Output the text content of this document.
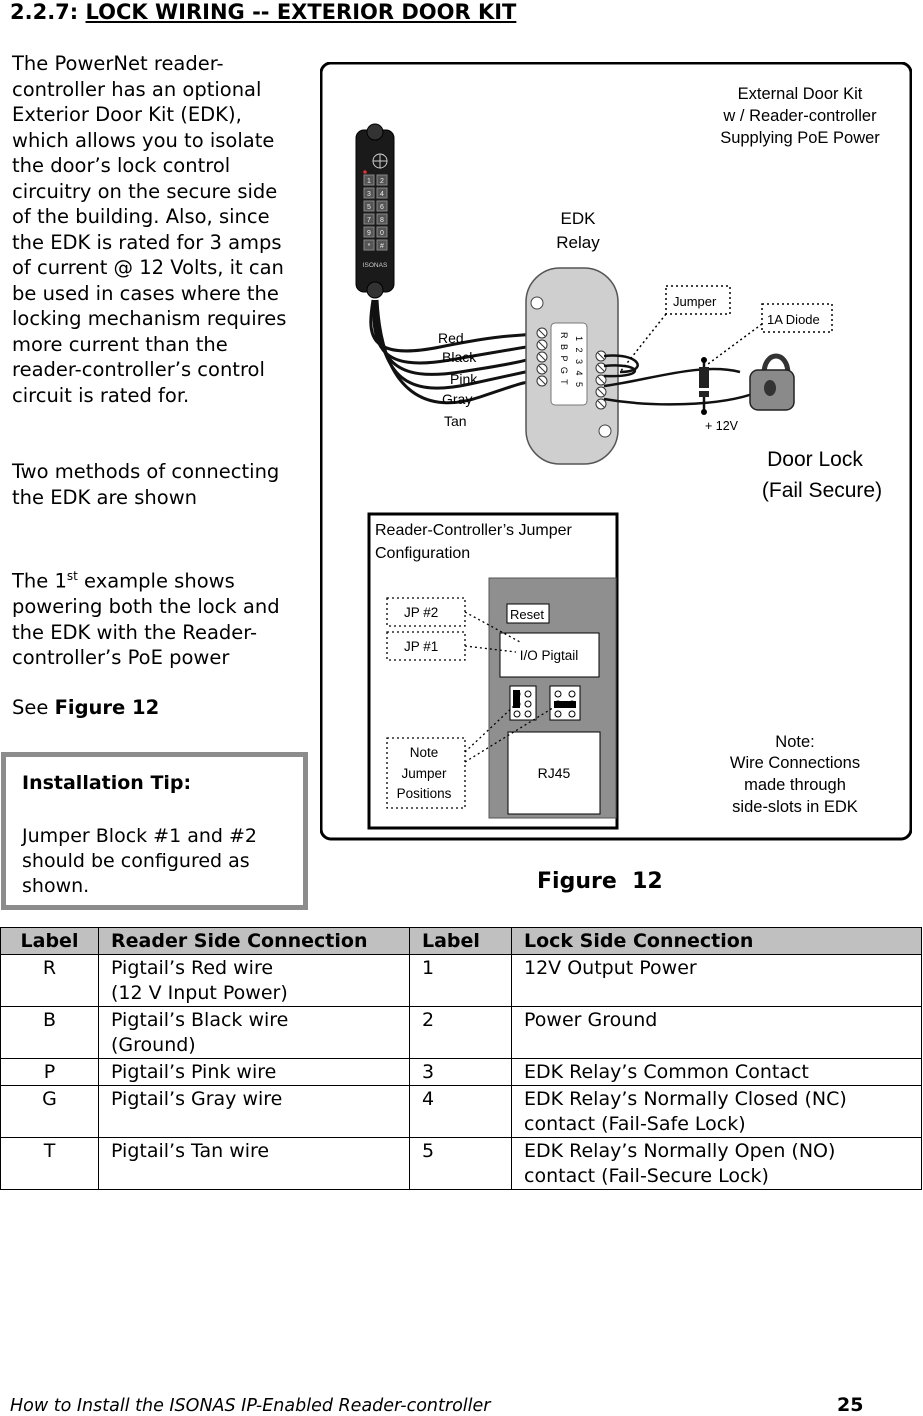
2.2.7: LOCK WIRING -- EXTERIOR DOOR KIT
The PowerNet reader-controller has an optional Exterior Door Kit (EDK), which allows you to isolate the door’s lock control circuitry on the secure side of the building. Also, since the EDK is rated for 3 amps of current @ 12 Volts, it can be used in cases where the locking mechanism requires more current than the reader-controller’s control circuit is rated for.
Two methods of connecting the EDK are shown
The 1st example shows powering both the lock and the EDK with the Reader-controller’s PoE power
See Figure 12
Installation Tip:
Jumper Block #1 and #2 should be configured as shown.
External Door Kit
w / Reader-controller
Supplying PoE Power
1 2
3 4
5 6
7 8
9 0
* #
ISONAS
Red
Black
Pink
Gray
Tan
EDK
Relay
R B P G T 1 2 3 4 5
+ 12V
Jumper
1A Diode
Door Lock
(Fail Secure)
Reader-Controller’s Jumper
Configuration
Reset
I/O Pigtail
RJ45
JP #2
JP #1
Note
Jumper
Positions
Note:
Wire Connections
made through
side-slots in EDK
Figure  12
Label	Reader Side Connection	Label	Lock Side Connection

R	Pigtail’s Red wire
(12 V Input Power)	1	12V Output Power

B	Pigtail’s Black wire
(Ground)	2	Power Ground

P	Pigtail’s Pink wire	3	EDK Relay’s Common Contact

G	Pigtail’s Gray wire	4	EDK Relay’s Normally Closed (NC)
contact (Fail-Safe Lock)

T	Pigtail’s Tan wire	5	EDK Relay’s Normally Open (NO)
contact (Fail-Secure Lock)
How to Install the ISONAS IP-Enabled Reader-controller	25
